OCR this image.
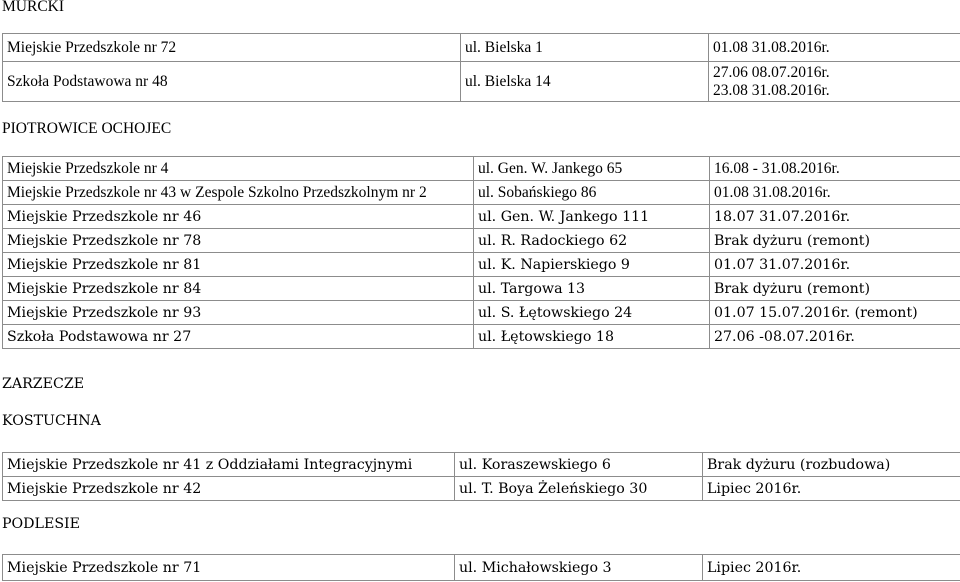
MURCKI
Miejskie Przedszkole nr 72	ul. Bielska 1	01.08 31.08.2016r.
Szkoła Podstawowa nr 48	ul. Bielska 14	27.06 08.07.2016r.
23.08 31.08.2016r.
PIOTROWICE OCHOJEC
Miejskie Przedszkole nr 4	ul. Gen. W. Jankego 65	16.08 - 31.08.2016r.
Miejskie Przedszkole nr 43 w Zespole Szkolno Przedszkolnym nr 2	ul. Sobańskiego 86	01.08 31.08.2016r.
Miejskie Przedszkole nr 46	ul. Gen. W. Jankego 111	18.07 31.07.2016r.
Miejskie Przedszkole nr 78	ul. R. Radockiego 62	Brak dyżuru (remont)
Miejskie Przedszkole nr 81	ul. K. Napierskiego 9	01.07 31.07.2016r.
Miejskie Przedszkole nr 84	ul. Targowa 13	Brak dyżuru (remont)
Miejskie Przedszkole nr 93	ul. S. Łętowskiego 24	01.07 15.07.2016r. (remont)
Szkoła Podstawowa nr 27	ul. Łętowskiego 18	27.06 -08.07.2016r.
ZARZECZE
KOSTUCHNA
Miejskie Przedszkole nr 41 z Oddziałami Integracyjnymi	ul. Koraszewskiego 6	Brak dyżuru (rozbudowa)
Miejskie Przedszkole nr 42	ul. T. Boya Żeleńskiego 30	Lipiec 2016r.
PODLESIE
Miejskie Przedszkole nr 71	ul. Michałowskiego 3	Lipiec 2016r.
